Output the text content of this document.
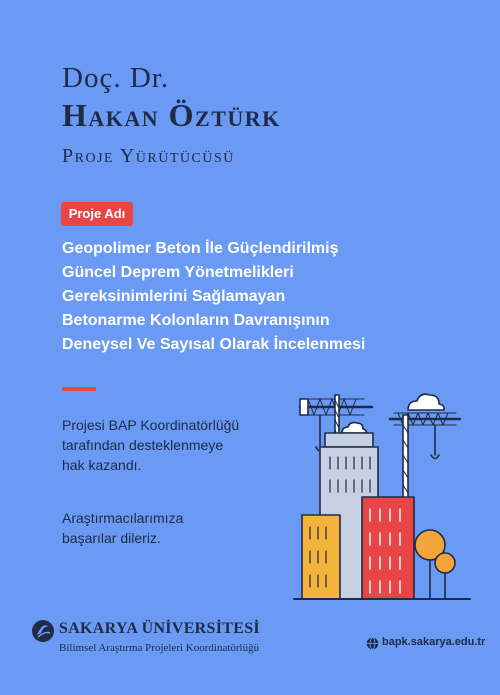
Doç. Dr.
Hakan Öztürk
Proje Yürütücüsü
Proje Adı
Geopolimer Beton İle Güçlendirilmiş
Güncel Deprem Yönetmelikleri
Gereksinimlerini Sağlamayan
Betonarme Kolonların Davranışının
Deneysel Ve Sayısal Olarak İncelenmesi

Projesi BAP Koordinatörlüğü
tarafından desteklenmeye
hak kazandı.

Araştırmacılarımıza
başarılar dileriz.

SAKARYA ÜNİVERSİTESİ
Bilimsel Araştırma Projeleri Koordinatörlüğü	bapk.sakarya.edu.tr
